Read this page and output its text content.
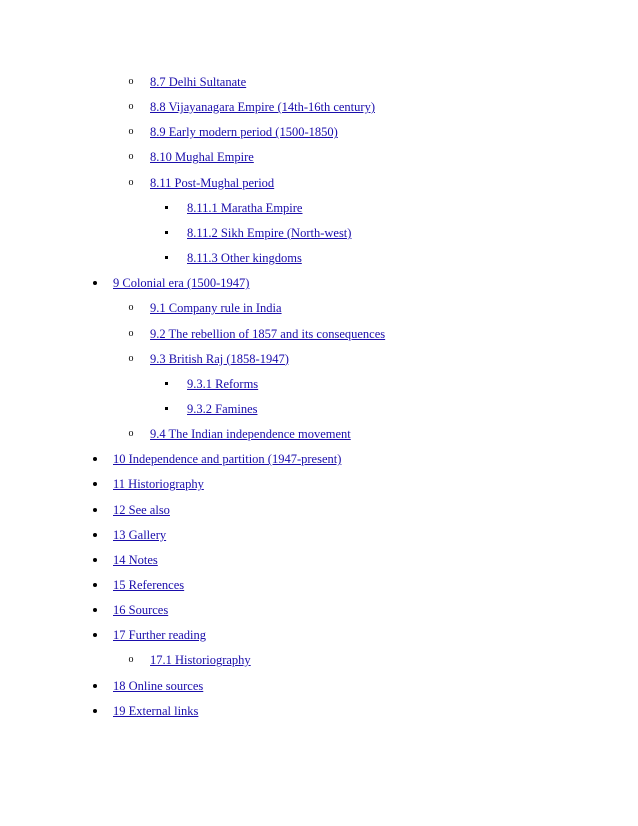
o	8.7 Delhi Sultanate
o	8.8 Vijayanagara Empire (14th-16th century)
o	8.9 Early modern period (1500-1850)
o	8.10 Mughal Empire
o	8.11 Post-Mughal period
8.11.1 Maratha Empire
8.11.2 Sikh Empire (North-west)
8.11.3 Other kingdoms
9 Colonial era (1500-1947)
o	9.1 Company rule in India
o	9.2 The rebellion of 1857 and its consequences
o	9.3 British Raj (1858-1947)
9.3.1 Reforms
9.3.2 Famines
o	9.4 The Indian independence movement
10 Independence and partition (1947-present)
11 Historiography
12 See also
13 Gallery
14 Notes
15 References
16 Sources
17 Further reading
o	17.1 Historiography
18 Online sources
19 External links
